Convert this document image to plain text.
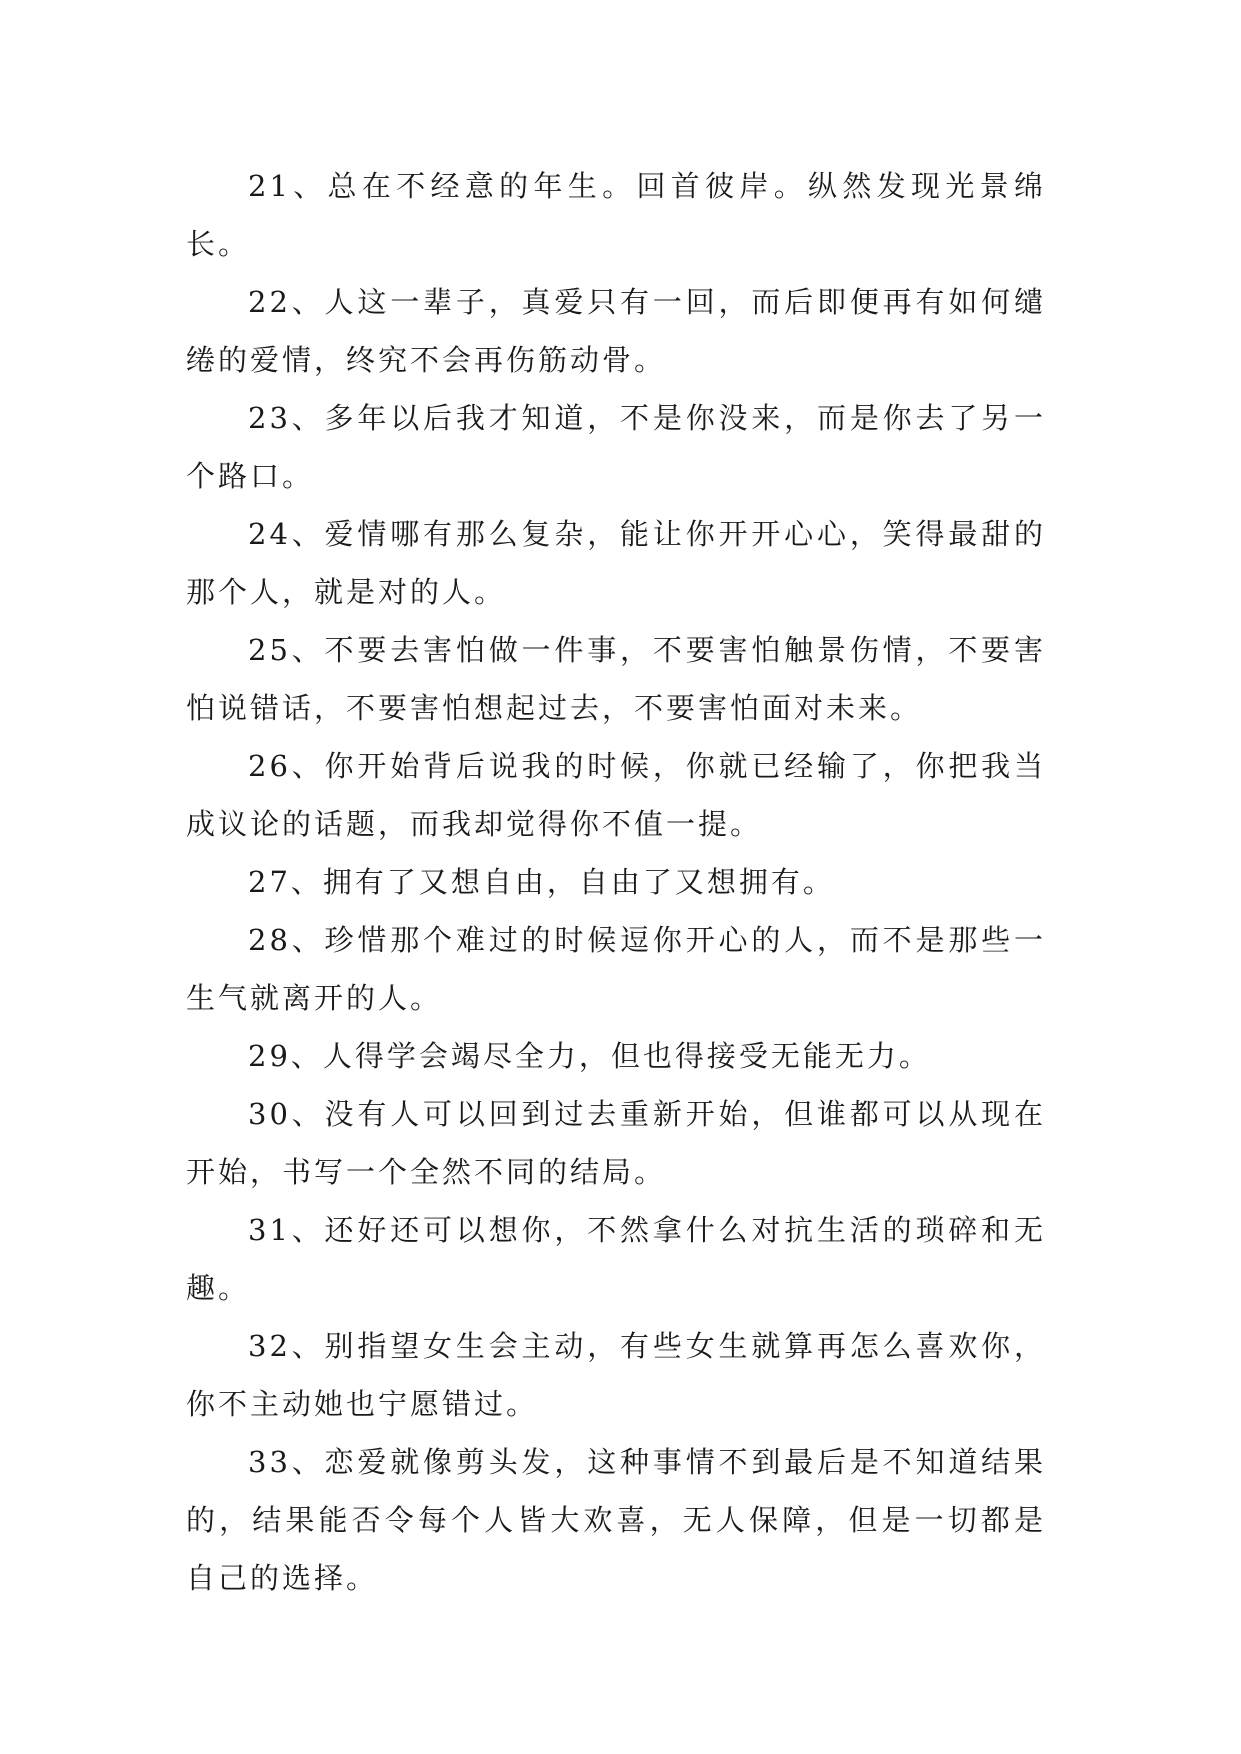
21、总在不经意的年生。回首彼岸。纵然发现光景绵长。

22、人这一辈子，真爱只有一回，而后即便再有如何缱绻的爱情，终究不会再伤筋动骨。

23、多年以后我才知道，不是你没来，而是你去了另一个路口。

24、爱情哪有那么复杂，能让你开开心心，笑得最甜的那个人，就是对的人。

25、不要去害怕做一件事，不要害怕触景伤情，不要害怕说错话，不要害怕想起过去，不要害怕面对未来。

26、你开始背后说我的时候，你就已经输了，你把我当成议论的话题，而我却觉得你不值一提。

27、拥有了又想自由，自由了又想拥有。

28、珍惜那个难过的时候逗你开心的人，而不是那些一生气就离开的人。

29、人得学会竭尽全力，但也得接受无能无力。

30、没有人可以回到过去重新开始，但谁都可以从现在开始，书写一个全然不同的结局。

31、还好还可以想你，不然拿什么对抗生活的琐碎和无趣。

32、别指望女生会主动，有些女生就算再怎么喜欢你，你不主动她也宁愿错过。

33、恋爱就像剪头发，这种事情不到最后是不知道结果的，结果能否令每个人皆大欢喜，无人保障，但是一切都是自己的选择。
